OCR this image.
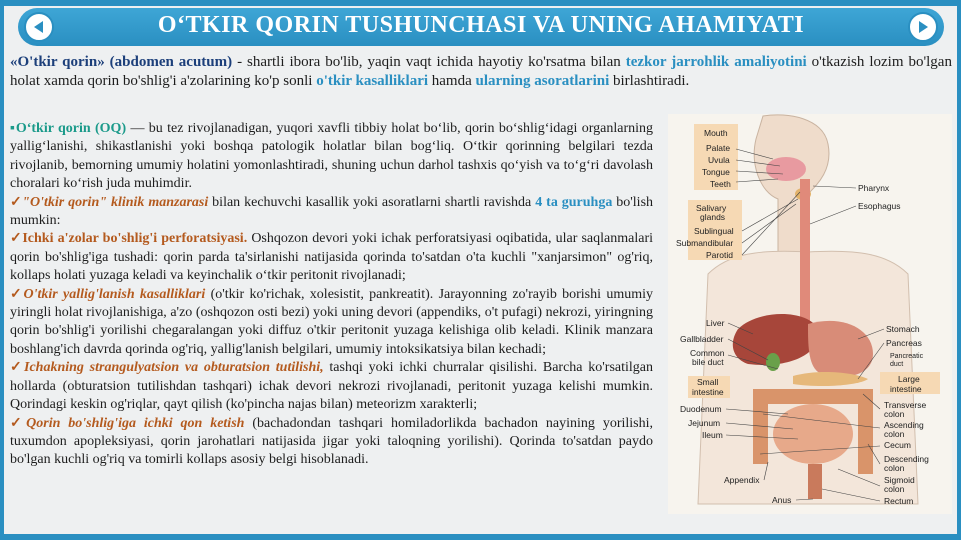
O‘TKIR QORIN TUSHUNCHASI VA UNING AHAMIYATI
«O'tkir qorin» (abdomen acutum) - shartli ibora bo'lib, yaqin vaqt ichida hayotiy ko'rsatma bilan tezkor jarrohlik amaliyotini o'tkazish lozim bo'lgan holat xamda qorin bo'shlig'i a'zolarining ko'p sonli o'tkir kasalliklari hamda ularning asoratlarini birlashtiradi.

▪O‘tkir qorin (OQ) — bu tez rivojlanadigan, yuqori xavfli tibbiy holat bo‘lib, qorin bo‘shlig‘idagi organlarning yallig‘lanishi, shikastlanishi yoki boshqa patologik holatlar bilan bog‘liq. O‘tkir qorinning belgilari tezda rivojlanib, bemorning umumiy holatini yomonlashtiradi, shuning uchun darhol tashxis qo‘yish va to‘g‘ri davolash choralari ko‘rish juda muhimdir.

✓"O'tkir qorin" klinik manzarasi bilan kechuvchi kasallik yoki asoratlarni shartli ravishda 4 ta guruhga bo'lish mumkin:

✓Ichki a'zolar bo'shlig'i perforatsiyasi. Oshqozon devori yoki ichak perforatsiyasi oqibatida, ular saqlanmalari qorin bo'shlig'iga tushadi: qorin parda ta'sirlanishi natijasida qorinda to'satdan o'ta kuchli "xanjarsimon" og'riq, kollaps holati yuzaga keladi va keyinchalik o‘tkir peritonit rivojlanadi;

✓O'tkir yallig'lanish kasalliklari (o'tkir ko'richak, xolesistit, pankreatit). Jarayonning zo'rayib borishi umumiy yiringli holat rivojlanishiga, a'zo (oshqozon osti bezi) yoki uning devori (appendiks, o't pufagi) nekrozi, yiringning qorin bo'shlig'i yorilishi chegaralangan yoki diffuz o'tkir peritonit yuzaga kelishiga olib keladi. Klinik manzara boshlang'ich davrda qorinda og'riq, yallig'lanish belgilari, umumiy intoksikatsiya bilan kechadi;

✓Ichakning strangulyatsion va obturatsion tutilishi, tashqi yoki ichki churralar qisilishi. Barcha ko'rsatilgan hollarda (obturatsion tutilishdan tashqari) ichak devori nekrozi rivojlanadi, peritonit yuzaga kelishi mumkin. Qorindagi keskin og'riqlar, qayt qilish (ko'pincha najas bilan) meteorizm xarakterli;

✓Qorin bo'shlig'iga ichki qon ketish (bachadondan tashqari homiladorlikda bachadon nayining yorilishi, tuxumdon apopleksiyasi, qorin jarohatlari natijasida jigar yoki taloqning yorilishi). Qorinda to'satdan paydo bo'lgan kuchli og'riq va tomirli kollaps asosiy belgi hisoblanadi.

Mouth
Palate
Uvula
Tongue
Teeth
Salivary
glands
Sublingual
Submandibular
Parotid
Pharynx
Esophagus
Liver
Gallbladder
Common
bile duct
Stomach
Pancreas
Pancreatic
duct
Small
intestine
Duodenum
Jejunum
Ileum
Large
intestine
Transverse
colon
Ascending
colon
Cecum
Descending
colon
Sigmoid
colon
Rectum
Appendix
Anus
